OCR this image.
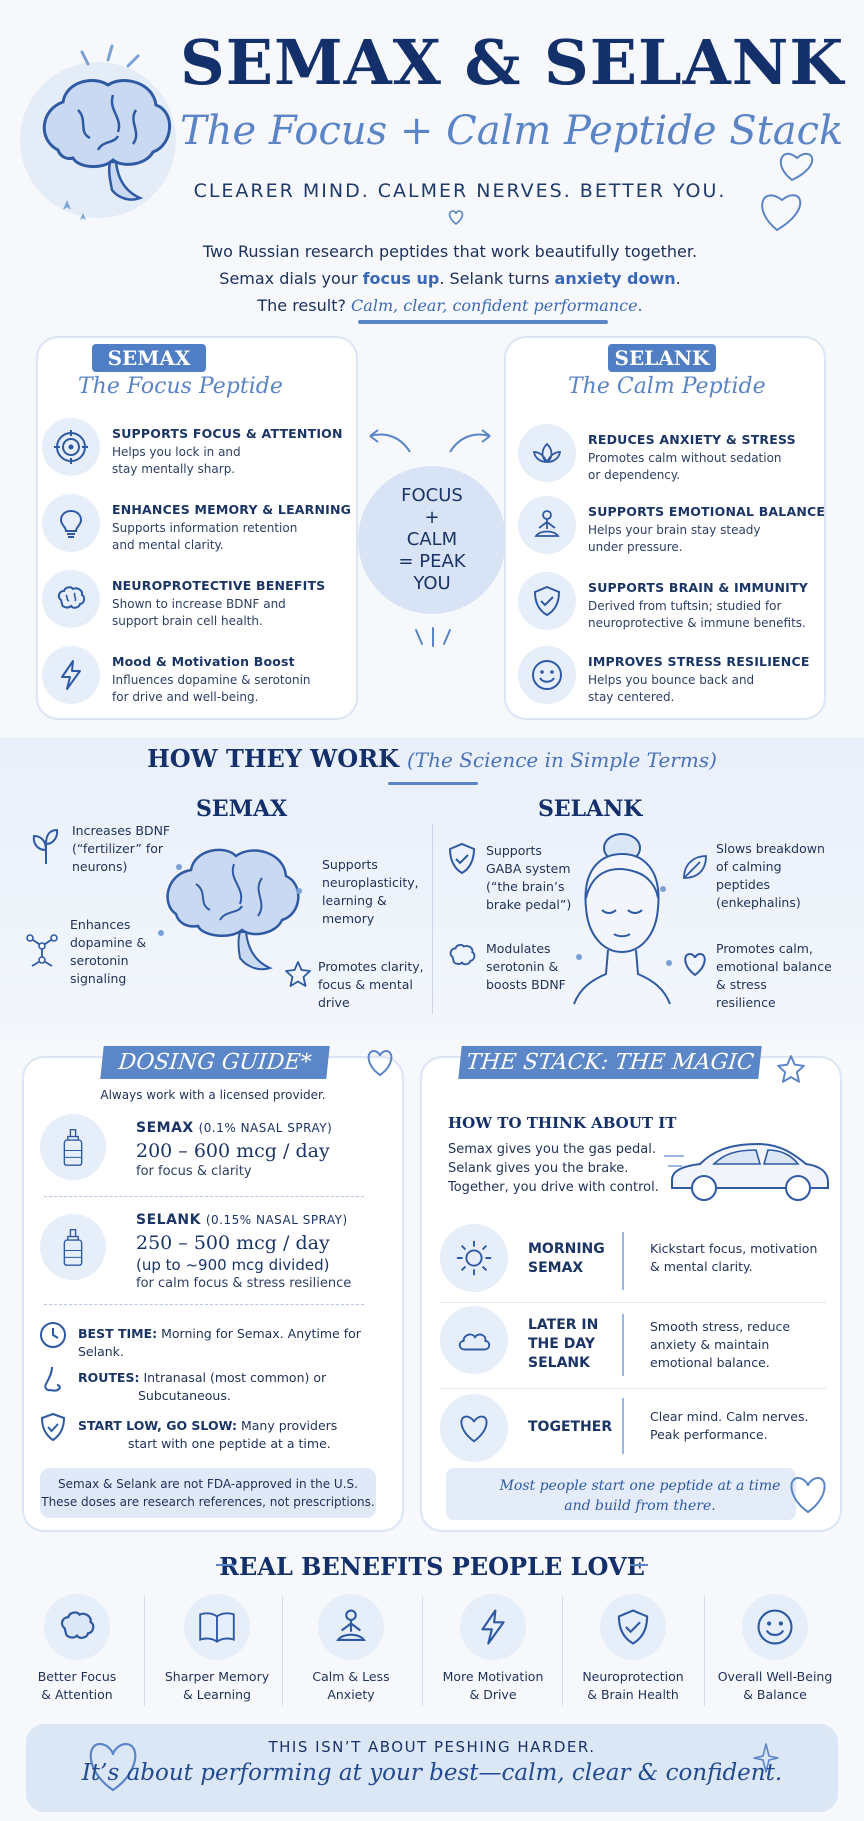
SEMAX & SELANK
The Focus + Calm Peptide Stack
CLEARER MIND. CALMER NERVES. BETTER YOU.
Two Russian research peptides that work beautifully together.
Semax dials your focus up. Selank turns anxiety down.
The result? Calm, clear, confident performance.
SEMAX
The Focus Peptide
SUPPORTS FOCUS & ATTENTION

Helps you lock in and

stay mentally sharp.

ENHANCES MEMORY & LEARNING

Supports information retention

and mental clarity.

NEUROPROTECTIVE BENEFITS

Shown to increase BDNF and

support brain cell health.

Mood & Motivation Boost

Influences dopamine & serotonin

for drive and well-being.

FOCUS
+
CALM
= PEAK
YOU
SELANK
The Calm Peptide
REDUCES ANXIETY & STRESS

Promotes calm without sedation

or dependency.

SUPPORTS EMOTIONAL BALANCE

Helps your brain stay steady

under pressure.

SUPPORTS BRAIN & IMMUNITY

Derived from tuftsin; studied for

neuroprotective & immune benefits.

IMPROVES STRESS RESILIENCE

Helps you bounce back and

stay centered.

HOW THEY WORK (The Science in Simple Terms)
SEMAX	SELANK
Increases BDNF
(“fertilizer” for
neurons)	Supports
neuroplasticity,
learning &
memory
Enhances
dopamine &
serotonin
signaling
Promotes clarity,
focus & mental
drive
Supports
GABA system
(“the brain’s
brake pedal”)
Slows breakdown
of calming
peptides
(enkephalins)
Modulates
serotonin &
boosts BDNF
Promotes calm,
emotional balance
& stress
resilience
DOSING GUIDE*
Always work with a licensed provider.
SEMAX (0.1% NASAL SPRAY)
200 – 600 mcg / day
for focus & clarity
SELANK (0.15% NASAL SPRAY)
250 – 500 mcg / day
(up to ~900 mcg divided)
for calm focus & stress resilience
BEST TIME: Morning for Semax. Anytime for Selank.
ROUTES: Intranasal (most common) or
Subcutaneous.
START LOW, GO SLOW: Many providers
start with one peptide at a time.
Semax & Selank are not FDA-approved in the U.S.
These doses are research references, not prescriptions.
THE STACK: THE MAGIC
HOW TO THINK ABOUT IT
Semax gives you the gas pedal.
Selank gives you the brake.
Together, you drive with control.
MORNING
SEMAX
Kickstart focus, motivation
& mental clarity.
LATER IN
THE DAY
SELANK
Smooth stress, reduce
anxiety & maintain
emotional balance.
TOGETHER
Clear mind. Calm nerves.
Peak performance.
Most people start one peptide at a time
and build from there.
REAL BENEFITS PEOPLE LOVE
Better Focus
& Attention
Sharper Memory
& Learning
Calm & Less
Anxiety
More Motivation
& Drive
Neuroprotection
& Brain Health
Overall Well-Being
& Balance
THIS ISN’T ABOUT PESHING HARDER.
It’s about performing at your best—calm, clear & confident.
